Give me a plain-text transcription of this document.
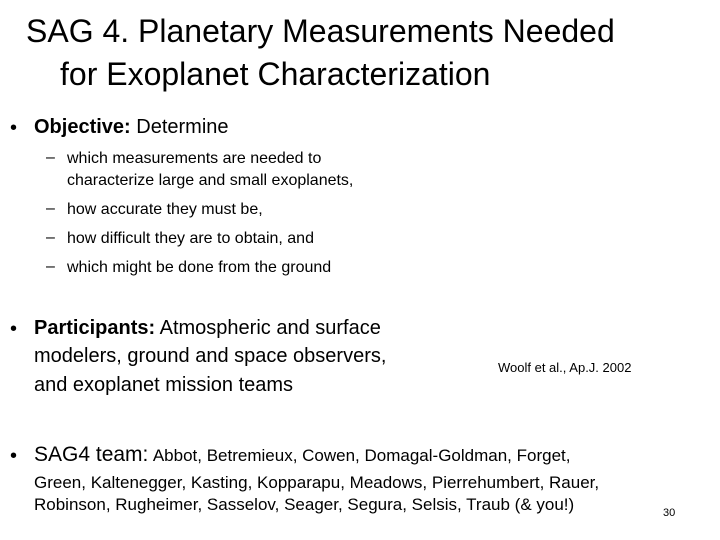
SAG 4. Planetary Measurements Needed
for Exoplanet Characterization
• Objective: Determine
– which measurements are needed to
characterize large and small exoplanets,
– how accurate they must be,
– how difficult they are to obtain, and
– which might be done from the ground
• Participants: Atmospheric and surface
modelers, ground and space observers,
and exoplanet mission teams
Woolf et al., Ap.J. 2002
• SAG4 team: Abbot, Betremieux, Cowen, Domagal-Goldman, Forget,
Green, Kaltenegger, Kasting, Kopparapu, Meadows, Pierrehumbert, Rauer,
Robinson, Rugheimer, Sasselov, Seager, Segura, Selsis, Traub (& you!)	30
